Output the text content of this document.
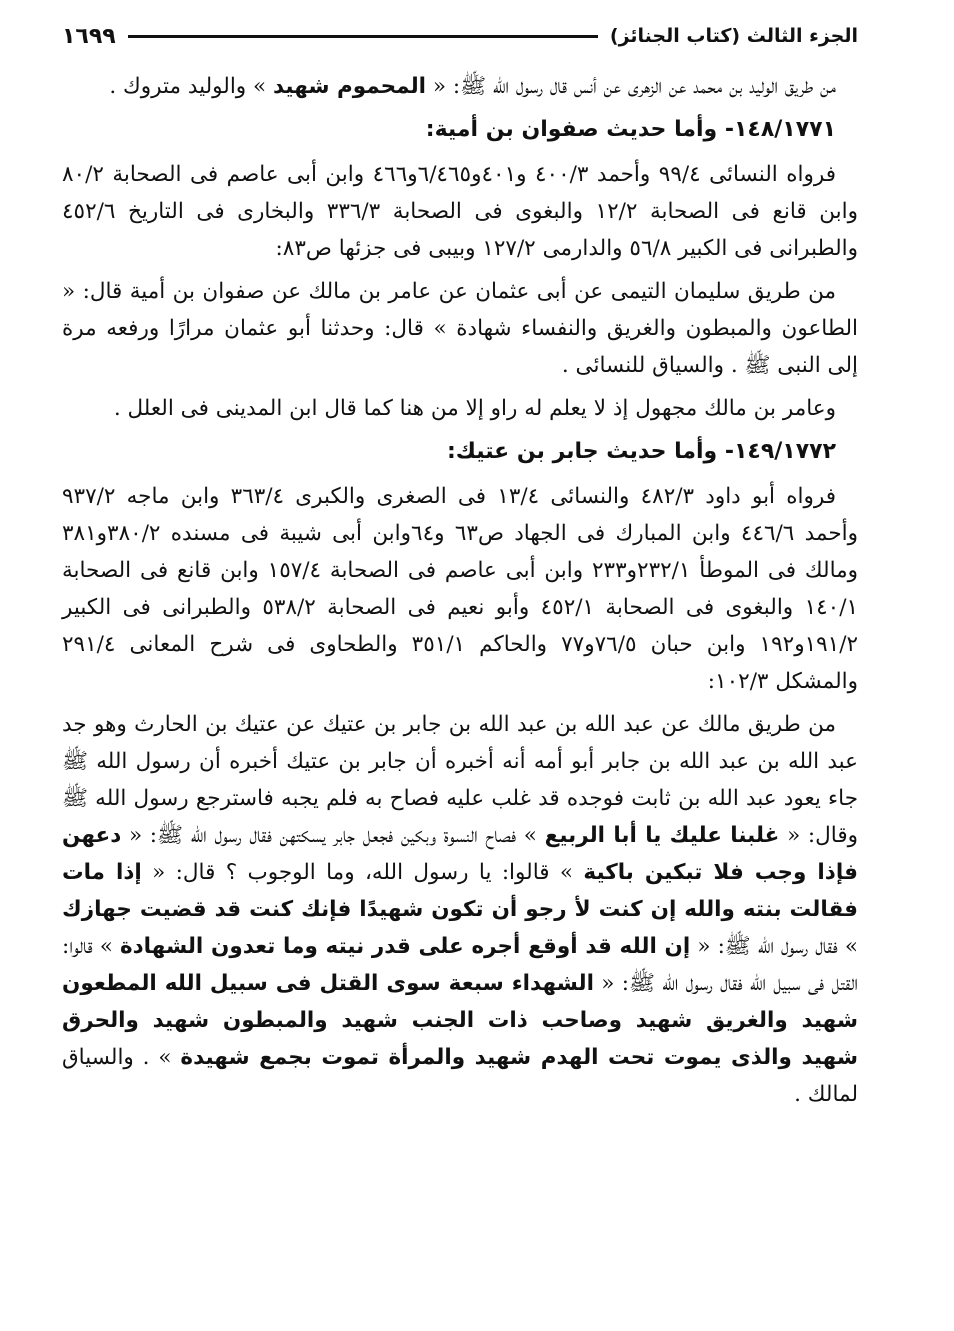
الجزء الثالث (كتاب الجنائز)
١٦٩٩

من طريق الوليد بن محمد عن الزهرى عن أنس قال رسول الله ﷺ: « المحموم شهيد » والوليد متروك .

١٤٨/١٧٧١- وأما حديث صفوان بن أمية:

فرواه النسائى ٩٩/٤ وأحمد ٤٠٠/٣ و٤٠١و٦/٤٦٥و٤٦٦ وابن أبى عاصم فى الصحابة ٨٠/٢ وابن قانع فى الصحابة ١٢/٢ والبغوى فى الصحابة ٣٣٦/٣ والبخارى فى التاريخ ٤٥٢/٦ والطبرانى فى الكبير ٥٦/٨ والدارمى ١٢٧/٢ وبيبى فى جزئها ص٨٣:

من طريق سليمان التيمى عن أبى عثمان عن عامر بن مالك عن صفوان بن أمية قال: « الطاعون والمبطون والغريق والنفساء شهادة » قال: وحدثنا أبو عثمان مرارًا ورفعه مرة إلى النبى ﷺ . والسياق للنسائى .

وعامر بن مالك مجهول إذ لا يعلم له راو إلا من هنا كما قال ابن المدينى فى العلل .

١٤٩/١٧٧٢- وأما حديث جابر بن عتيك:

فرواه أبو داود ٤٨٢/٣ والنسائى ١٣/٤ فى الصغرى والكبرى ٣٦٣/٤ وابن ماجه ٩٣٧/٢ وأحمد ٤٤٦/٦ وابن المبارك فى الجهاد ص٦٣ و٦٤وابن أبى شيبة فى مسنده ٣٨٠/٢و٣٨١ ومالك فى الموطأ ٢٣٢/١و٢٣٣ وابن أبى عاصم فى الصحابة ١٥٧/٤ وابن قانع فى الصحابة ١٤٠/١ والبغوى فى الصحابة ٤٥٢/١ وأبو نعيم فى الصحابة ٥٣٨/٢ والطبرانى فى الكبير ١٩١/٢و١٩٢ وابن حبان ٧٦/٥و٧٧ والحاكم ٣٥١/١ والطحاوى فى شرح المعانى ٢٩١/٤ والمشكل ١٠٢/٣:

من طريق مالك عن عبد الله بن عبد الله بن جابر بن عتيك عن عتيك بن الحارث وهو جد عبد الله بن عبد الله بن جابر أبو أمه أنه أخبره أن جابر بن عتيك أخبره أن رسول الله ﷺ جاء يعود عبد الله بن ثابت فوجده قد غلب عليه فصاح به فلم يجبه فاسترجع رسول الله ﷺ وقال: « غلبنا عليك يا أبا الربيع » فصاح النسوة وبكين فجعل جابر يسكتهن فقال رسول الله ﷺ: « دعهن فإذا وجب فلا تبكين باكية » قالوا: يا رسول الله، وما الوجوب ؟ قال: « إذا مات فقالت بنته والله إن كنت لأ رجو أن تكون شهيدًا فإنك كنت قد قضيت جهازك » فقال رسول الله ﷺ: « إن الله قد أوقع أجره على قدر نيته وما تعدون الشهادة » قالوا: القتل فى سبيل الله فقال رسول الله ﷺ: « الشهداء سبعة سوى القتل فى سبيل الله المطعون شهيد والغريق شهيد وصاحب ذات الجنب شهيد والمبطون شهيد والحرق شهيد والذى يموت تحت الهدم شهيد والمرأة تموت بجمع شهيدة » . والسياق لمالك .
